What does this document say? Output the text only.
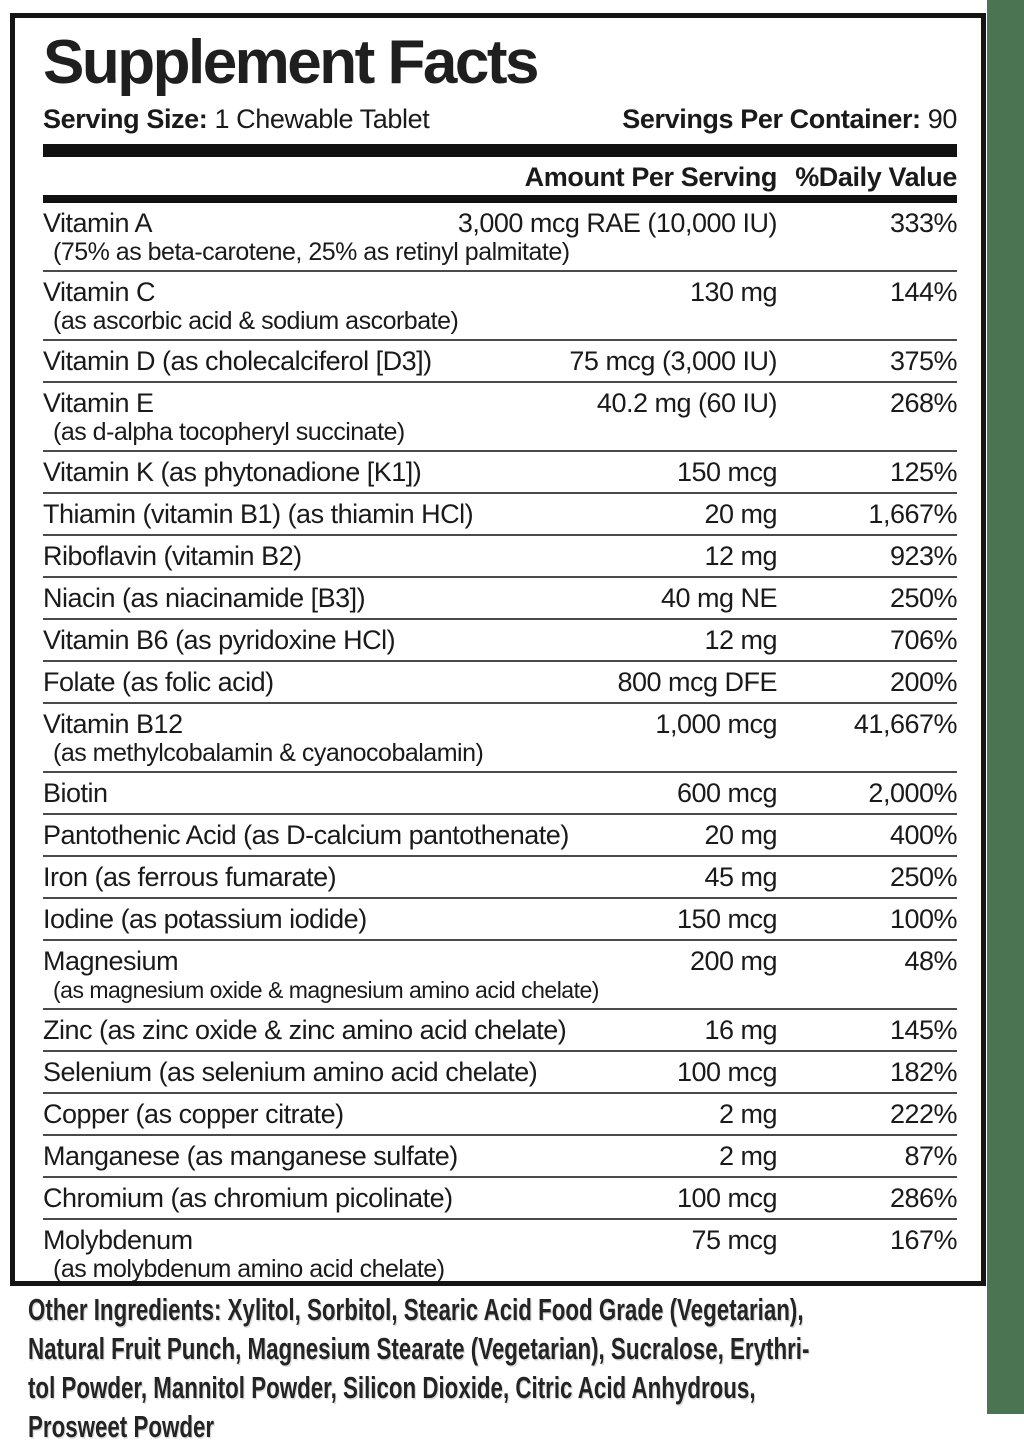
Supplement Facts
Serving Size: 1 Chewable Tablet	Servings Per Container: 90
Amount Per Serving %Daily Value
Vitamin A	3,000 mcg RAE (10,000 IU)	333%
(75% as beta-carotene, 25% as retinyl palmitate)
Vitamin C	130 mg	144%
(as ascorbic acid & sodium ascorbate)
Vitamin D (as cholecalciferol [D3])	75 mcg (3,000 IU)	375%
Vitamin E	40.2 mg (60 IU)	268%
(as d-alpha tocopheryl succinate)
Vitamin K (as phytonadione [K1])	150 mcg	125%
Thiamin (vitamin B1) (as thiamin HCl)	20 mg	1,667%
Riboflavin (vitamin B2)	12 mg	923%
Niacin (as niacinamide [B3])	40 mg NE	250%
Vitamin B6 (as pyridoxine HCl)	12 mg	706%
Folate (as folic acid)	800 mcg DFE	200%
Vitamin B12	1,000 mcg	41,667%
(as methylcobalamin & cyanocobalamin)
Biotin	600 mcg	2,000%
Pantothenic Acid (as D-calcium pantothenate)	20 mg	400%
Iron (as ferrous fumarate)	45 mg	250%
Iodine (as potassium iodide)	150 mcg	100%
Magnesium	200 mg	48%
(as magnesium oxide & magnesium amino acid chelate)
Zinc (as zinc oxide & zinc amino acid chelate)	16 mg	145%
Selenium (as selenium amino acid chelate)	100 mcg	182%
Copper (as copper citrate)	2 mg	222%
Manganese (as manganese sulfate)	2 mg	87%
Chromium (as chromium picolinate)	100 mcg	286%
Molybdenum	75 mcg	167%
(as molybdenum amino acid chelate)
Other Ingredients: Xylitol, Sorbitol, Stearic Acid Food Grade (Vegetarian),
Natural Fruit Punch, Magnesium Stearate (Vegetarian), Sucralose, Erythri-
tol Powder, Mannitol Powder, Silicon Dioxide, Citric Acid Anhydrous,
Prosweet Powder
